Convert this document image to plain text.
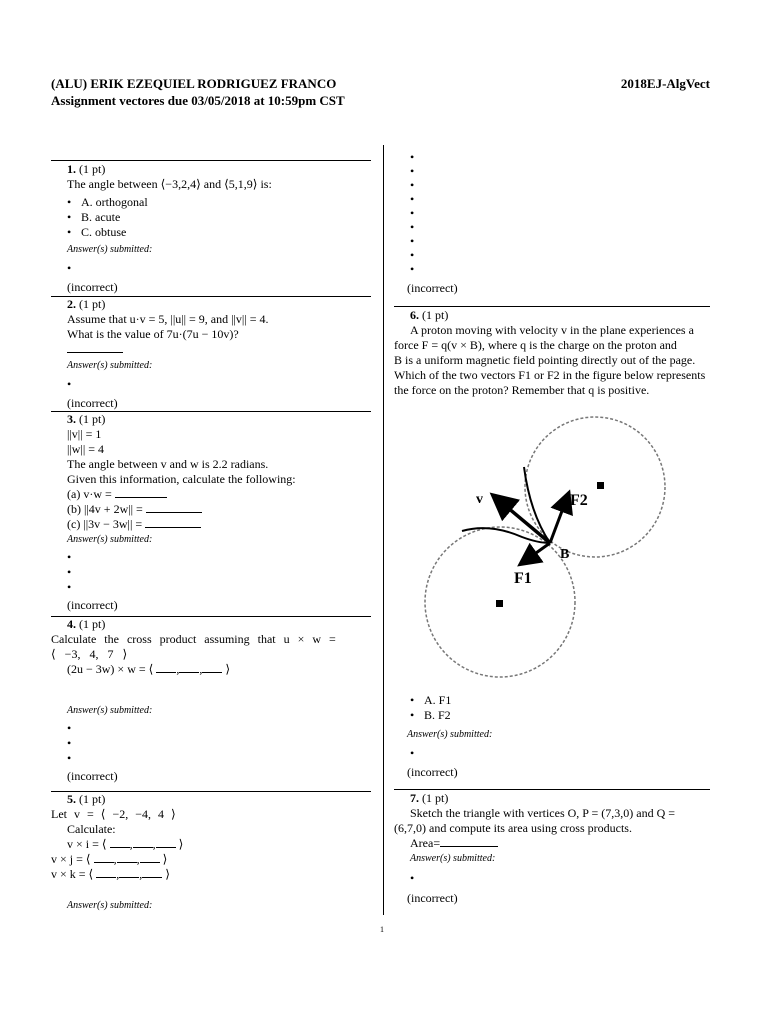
(ALU) ERIK EZEQUIEL RODRIGUEZ FRANCO	2018EJ-AlgVect
Assignment vectores due 03/05/2018 at 10:59pm CST
1. (1 pt)
The angle between ⟨−3,2,4⟩ and ⟨5,1,9⟩ is:
• A. orthogonal
• B. acute
• C. obtuse
Answer(s) submitted:
•
(incorrect)
2. (1 pt)
Assume that u·v = 5, ||u|| = 9, and ||v|| = 4.
What is the value of 7u·(7u − 10v)?
Answer(s) submitted:
•
(incorrect)
3. (1 pt)
||v|| = 1
||w|| = 4
The angle between v and w is 2.2 radians.
Given this information, calculate the following:
(a) v·w =
(b) ||4v + 2w|| =
(c) ||3v − 3w|| =
Answer(s) submitted:
•
•
•
(incorrect)
4. (1 pt)
Calculate the cross product assuming that u × w =
⟨ −3, 4, 7 ⟩
(2u − 3w) × w = ⟨ , , ⟩
Answer(s) submitted:
•
•
•
(incorrect)
5. (1 pt)
Let v = ⟨ −2, −4, 4 ⟩
Calculate:
v × i = ⟨ , , ⟩
v × j = ⟨ , , ⟩
v × k = ⟨ , , ⟩
Answer(s) submitted:
•
•
•
•
•
•
•
•
•
(incorrect)
6. (1 pt)
A proton moving with velocity v in the plane experiences a
force F = q(v × B), where q is the charge on the proton and
B is a uniform magnetic field pointing directly out of the page.
Which of the two vectors F1 or F2 in the figure below represents
the force on the proton? Remember that q is positive.
v	F2
B
F1
• A. F1
• B. F2
Answer(s) submitted:
•
(incorrect)
7. (1 pt)
Sketch the triangle with vertices O, P = (7,3,0) and Q =
(6,7,0) and compute its area using cross products.
Area=
Answer(s) submitted:
•
(incorrect)
1
